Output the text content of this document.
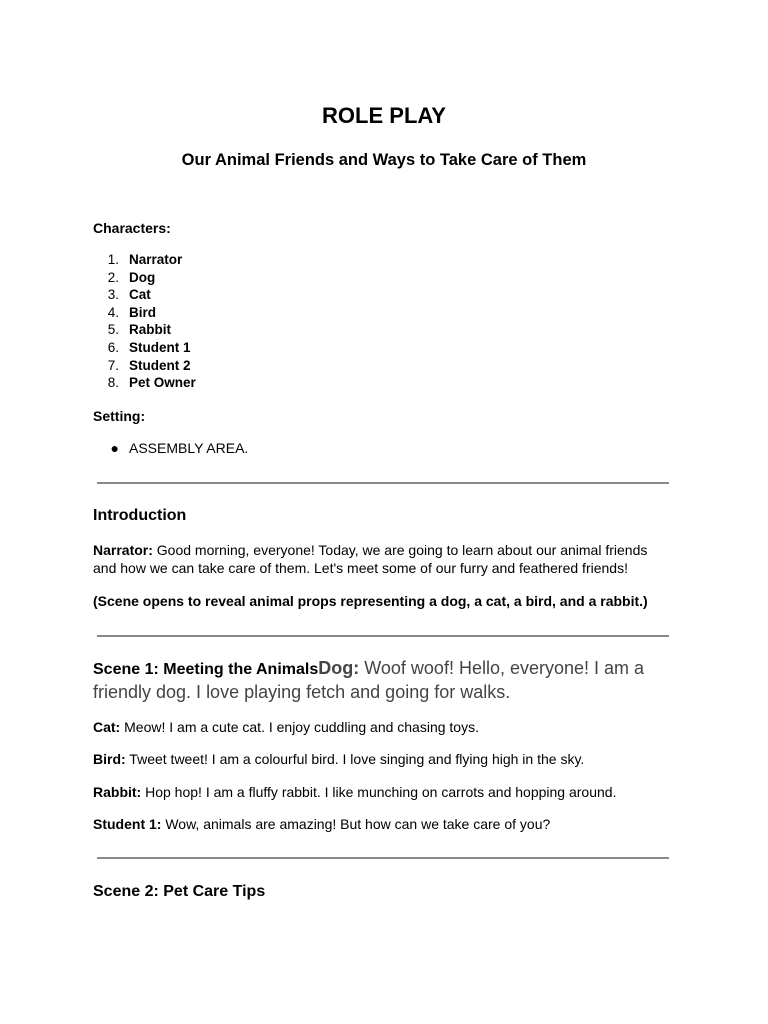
ROLE PLAY
Our Animal Friends and Ways to Take Care of Them
Characters:
1. Narrator
2. Dog
3. Cat
4. Bird
5. Rabbit
6. Student 1
7. Student 2
8. Pet Owner
Setting:
● ASSEMBLY AREA.
Introduction
Narrator: Good morning, everyone! Today, we are going to learn about our animal friends and how we can take care of them. Let's meet some of our furry and feathered friends!
(Scene opens to reveal animal props representing a dog, a cat, a bird, and a rabbit.)
Scene 1: Meeting the AnimalsDog: Woof woof! Hello, everyone! I am a friendly dog. I love playing fetch and going for walks.
Cat: Meow! I am a cute cat. I enjoy cuddling and chasing toys.
Bird: Tweet tweet! I am a colourful bird. I love singing and flying high in the sky.
Rabbit: Hop hop! I am a fluffy rabbit. I like munching on carrots and hopping around.
Student 1: Wow, animals are amazing! But how can we take care of you?
Scene 2: Pet Care Tips
